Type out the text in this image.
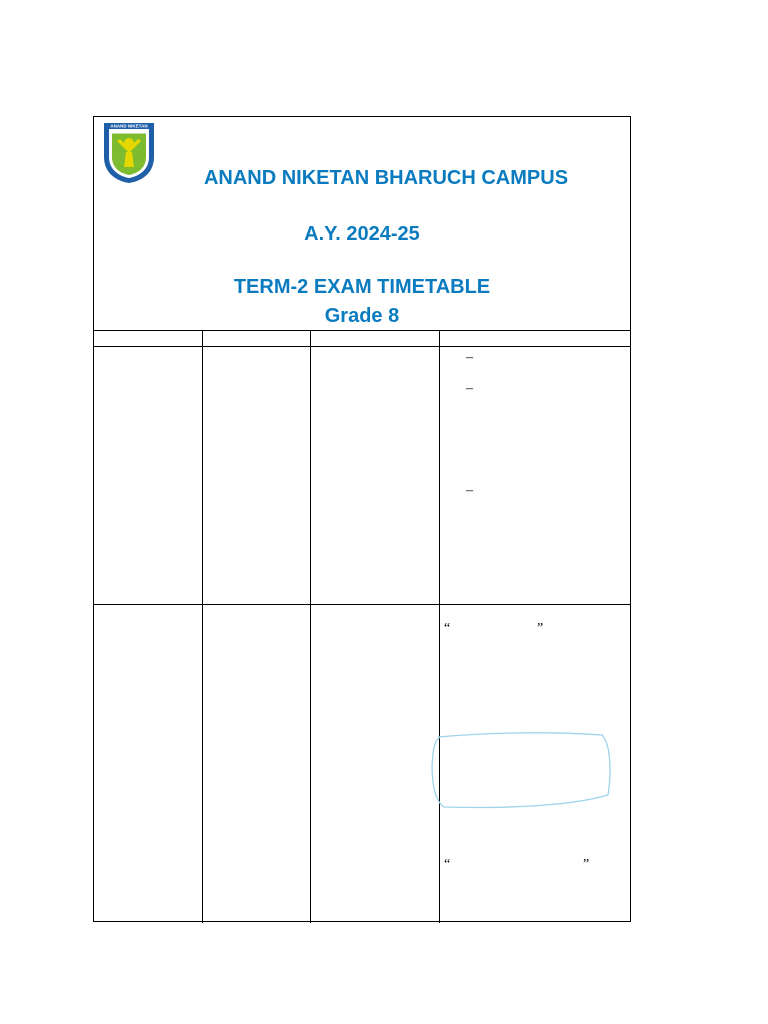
ANAND NIKETAN
ANAND NIKETAN BHARUCH CAMPUS
A.Y. 2024-25
TERM-2 EXAM TIMETABLE
Grade 8
–
–
–
“	”
“	”
